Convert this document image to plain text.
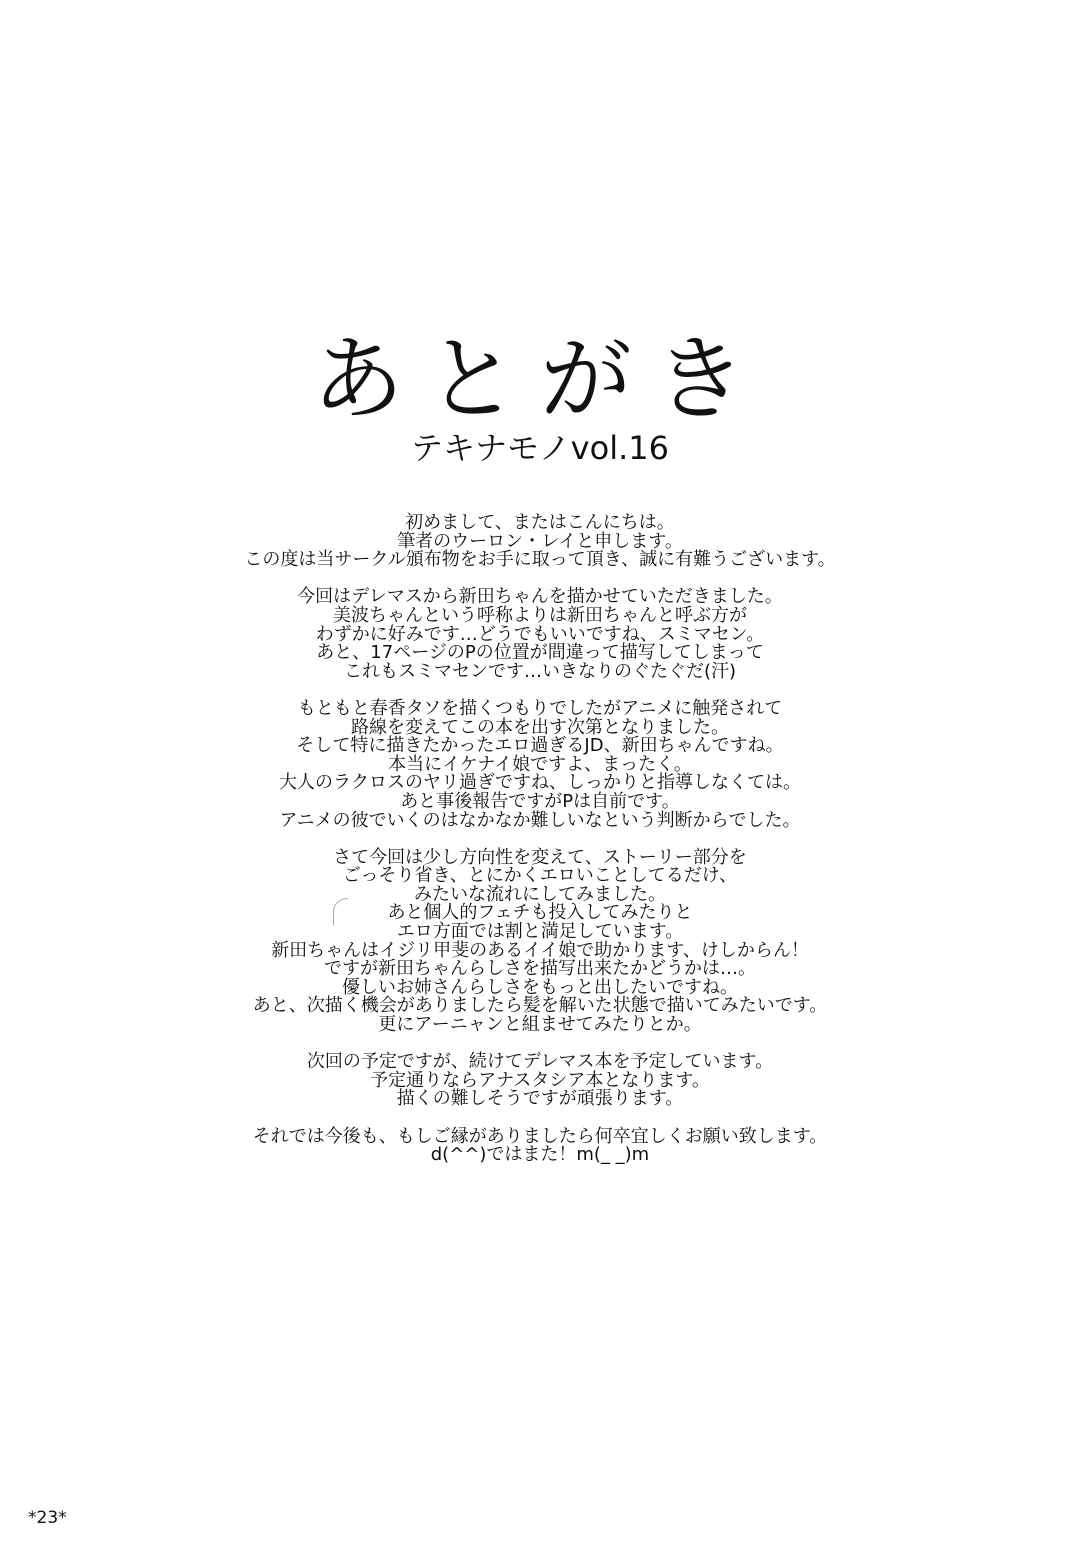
あとがき
テキナモノvol.16
初めまして、またはこんにちは。
筆者のウーロン・レイと申します。
この度は当サークル頒布物をお手に取って頂き、誠に有難うございます。
今回はデレマスから新田ちゃんを描かせていただきました。
美波ちゃんという呼称よりは新田ちゃんと呼ぶ方が
わずかに好みです…どうでもいいですね、スミマセン。
あと、17ページのPの位置が間違って描写してしまって
これもスミマセンです…いきなりのぐたぐだ(汗)
もともと春香タソを描くつもりでしたがアニメに触発されて
路線を変えてこの本を出す次第となりました。
そして特に描きたかったエロ過ぎるJD、新田ちゃんですね。
本当にイケナイ娘ですよ、まったく。
大人のラクロスのヤリ過ぎですね、しっかりと指導しなくては。
あと事後報告ですがPは自前です。
アニメの彼でいくのはなかなか難しいなという判断からでした。
さて今回は少し方向性を変えて、ストーリー部分を
ごっそり省き、とにかくエロいことしてるだけ、
みたいな流れにしてみました。
あと個人的フェチも投入してみたりと
エロ方面では割と満足しています。
新田ちゃんはイジリ甲斐のあるイイ娘で助かります、けしからん！
ですが新田ちゃんらしさを描写出来たかどうかは…。
優しいお姉さんらしさをもっと出したいですね。
あと、次描く機会がありましたら髪を解いた状態で描いてみたいです。
更にアーニャンと組ませてみたりとか。
次回の予定ですが、続けてデレマス本を予定しています。
予定通りならアナスタシア本となります。
描くの難しそうですが頑張ります。
それでは今後も、もしご縁がありましたら何卒宜しくお願い致します。
d(^^)ではまた！m(_ _)m
*23*
